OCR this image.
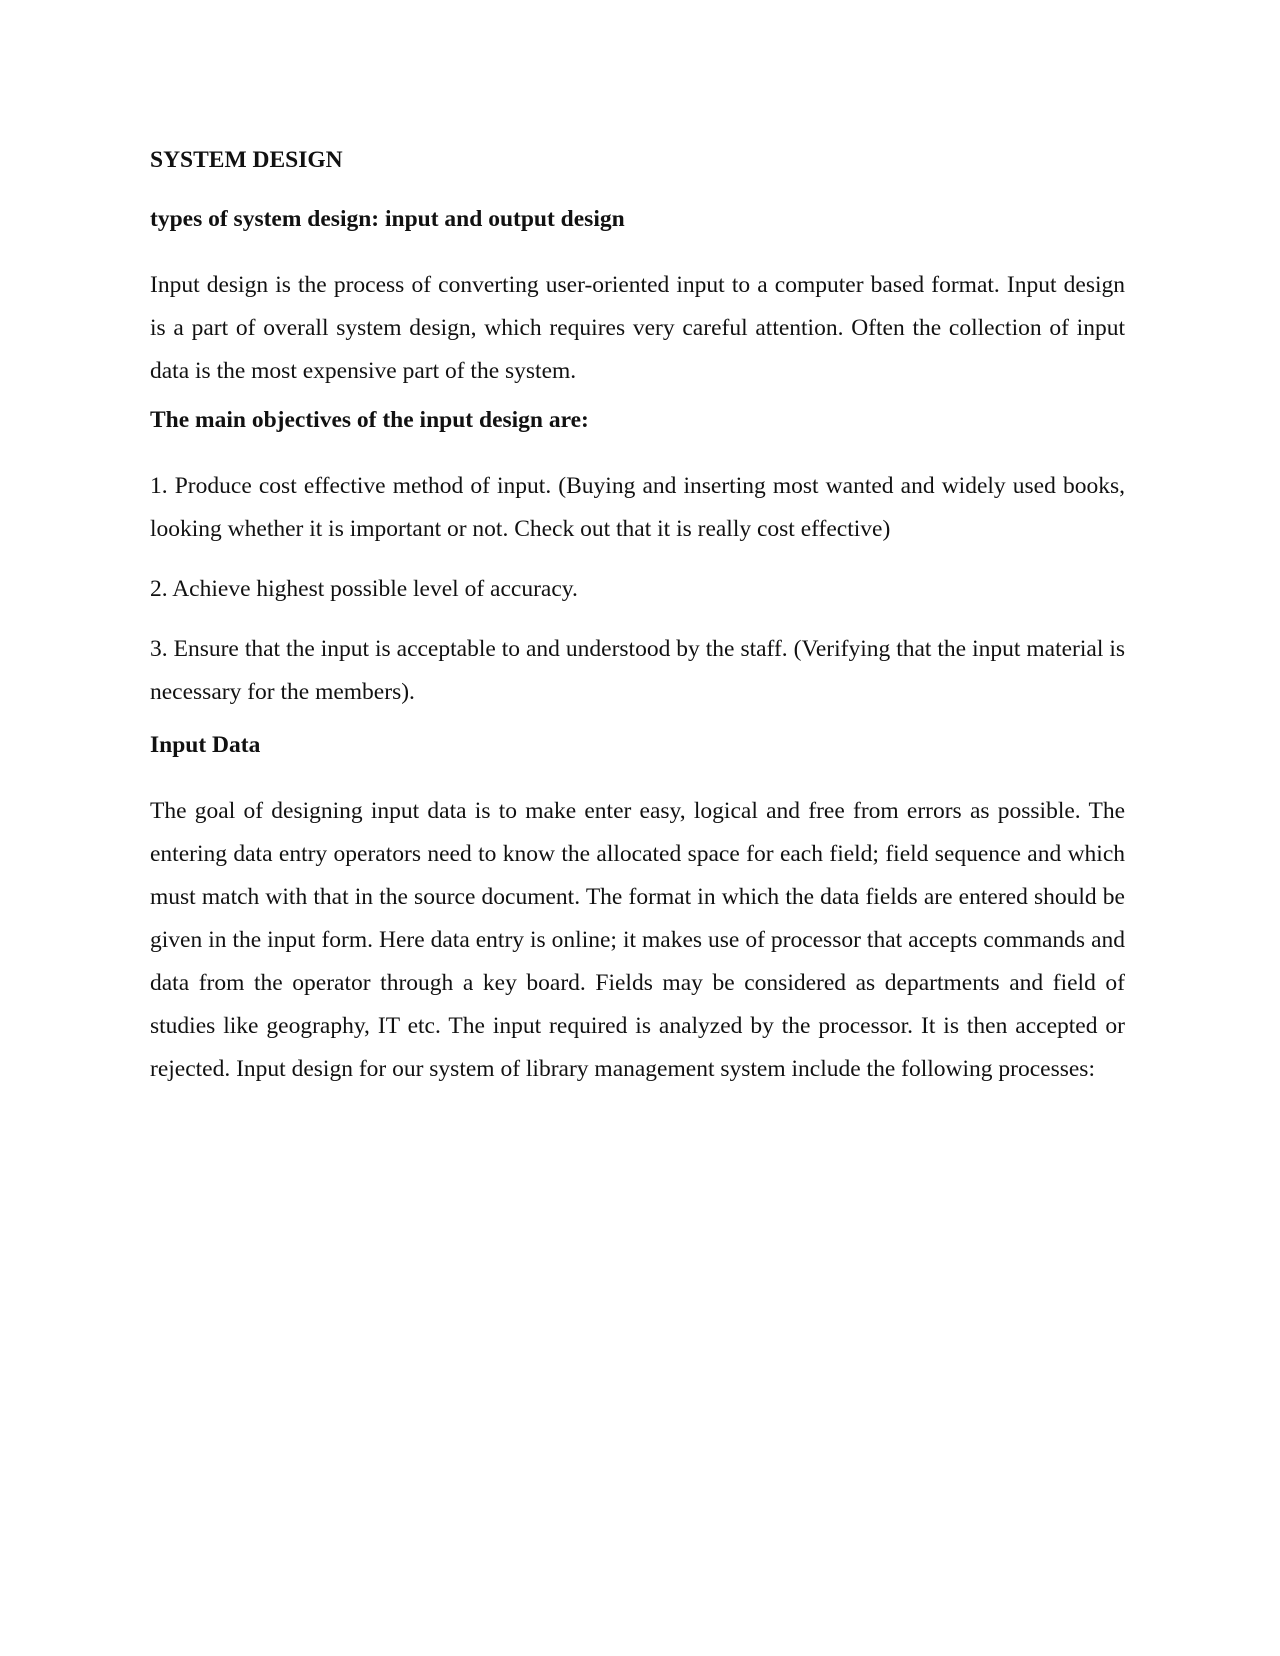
SYSTEM DESIGN
types of system design: input and output design

Input design is the process of converting user-oriented input to a computer based format. Input design is a part of overall system design, which requires very careful attention. Often the collection of input data is the most expensive part of the system.

The main objectives of the input design are:

1. Produce cost effective method of input. (Buying and inserting most wanted and widely used books, looking whether it is important or not. Check out that it is really cost effective)

2. Achieve highest possible level of accuracy.

3. Ensure that the input is acceptable to and understood by the staff. (Verifying that the input material is necessary for the members).

Input Data

The goal of designing input data is to make enter easy, logical and free from errors as possible. The entering data entry operators need to know the allocated space for each field; field sequence and which must match with that in the source document. The format in which the data fields are entered should be given in the input form. Here data entry is online; it makes use of processor that accepts commands and data from the operator through a key board. Fields may be considered as departments and field of studies like geography, IT etc. The input required is analyzed by the processor. It is then accepted or rejected. Input design for our system of library management system include the following processes:
